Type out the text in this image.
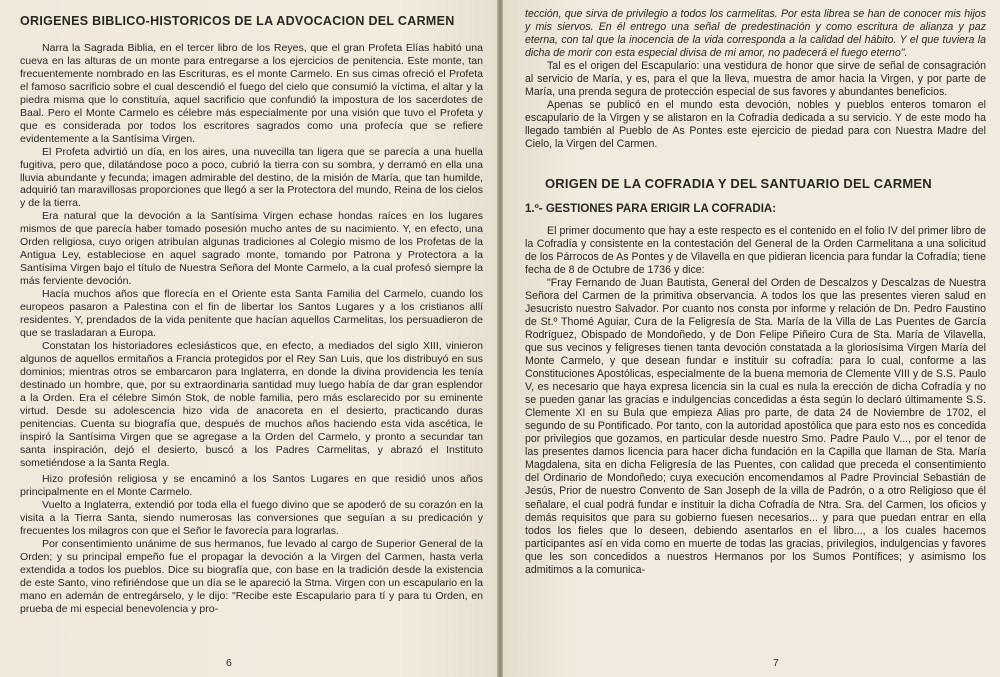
ORIGENES BIBLICO-HISTORICOS DE LA ADVOCACION DEL CARMEN

Narra la Sagrada Biblia, en el tercer libro de los Reyes, que el gran Profeta Elías habitó una cueva en las alturas de un monte para entregarse a los ejercicios de penitencia. Este monte, tan frecuentemente nombrado en las Escrituras, es el monte Carmelo. En sus cimas ofreció el Profeta el famoso sacrificio sobre el cual descendió el fuego del cielo que consumió la víctima, el altar y la piedra misma que lo constituía, aquel sacrificio que confundió la impostura de los sacerdotes de Baal. Pero el Monte Carmelo es célebre más especialmente por una visión que tuvo el Profeta y que es considerada por todos los escritores sagrados como una profecía que se refiere evidentemente a la Santísima Virgen.

El Profeta advirtió un día, en los aires, una nuvecilla tan ligera que se parecía a una huella fugitiva, pero que, dilatándose poco a poco, cubrió la tierra con su sombra, y derramó en ella una lluvia abundante y fecunda; imagen admirable del destino, de la misión de María, que tan humilde, adquirió tan maravillosas proporciones que llegó a ser la Protectora del mundo, Reina de los cielos y de la tierra.

Era natural que la devoción a la Santísima Virgen echase hondas raíces en los lugares mismos de que parecía haber tomado posesión mucho antes de su nacimiento. Y, en efecto, una Orden religiosa, cuyo origen atribuían algunas tradiciones al Colegio mismo de los Profetas de la Antigua Ley, estableciose en aquel sagrado monte, tomando por Patrona y Protectora a la Santísima Virgen bajo el título de Nuestra Señora del Monte Carmelo, a la cual profesó siempre la más ferviente devoción.

Hacía muchos años que florecía en el Oriente esta Santa Familia del Carmelo, cuando los europeos pasaron a Palestina con el fin de libertar los Santos Lugares y a los cristianos allí residentes. Y, prendados de la vida penitente que hacían aquellos Carmelitas, los persuadieron de que se trasladaran a Europa.

Constatan los historiadores eclesiásticos que, en efecto, a mediados del siglo XIII, vinieron algunos de aquellos ermitaños a Francia protegidos por el Rey San Luis, que los distribuyó en sus dominios; mientras otros se embarcaron para Inglaterra, en donde la divina providencia les tenía destinado un hombre, que, por su extraordinaria santidad muy luego había de dar gran esplendor a la Orden. Era el célebre Simón Stok, de noble familia, pero más esclarecido por su eminente virtud. Desde su adolescencia hizo vida de anacoreta en el desierto, practicando duras penitencias. Cuenta su biografía que, después de muchos años haciendo esta vida ascética, le inspiró la Santísima Virgen que se agregase a la Orden del Carmelo, y pronto a secundar tan santa inspiración, dejó el desierto, buscó a los Padres Carmelitas, y abrazó el Instituto sometiéndose a la Santa Regla.

Hizo profesión religiosa y se encaminó a los Santos Lugares en que residió unos años principalmente en el Monte Carmelo.

Vuelto a Inglaterra, extendió por toda ella el fuego divino que se apoderó de su corazón en la visita a la Tierra Santa, siendo numerosas las conversiones que seguían a su predicación y frecuentes los milagros con que el Señor le favorecía para lograrlas.

Por consentimiento unánime de sus hermanos, fue levado al cargo de Superior General de la Orden; y su principal empeño fue el propagar la devoción a la Virgen del Carmen, hasta verla extendida a todos los pueblos. Dice su biografía que, con base en la tradición desde la existencia de este Santo, vino refiriéndose que un día se le apareció la Stma. Virgen con un escapulario en la mano en ademán de entregárselo, y le dijo: "Recibe este Escapulario para tí y para tu Orden, en prueba de mi especial benevolencia y pro-

6

tección, que sirva de privilegio a todos los carmelitas. Por esta librea se han de conocer mis hijos y mis siervos. En él entrego una señal de predestinación y como escritura de alianza y paz eterna, con tal que la inocencia de la vida corresponda a la calidad del hábito. Y el que tuviera la dicha de morir con esta especial divisa de mi amor, no padecerá el fuego eterno".

Tal es el origen del Escapulario: una vestidura de honor que sirve de señal de consagración al servicio de María, y es, para el que la lleva, muestra de amor hacia la Virgen, y por parte de María, una prenda segura de protección especial de sus favores y abundantes beneficios.

Apenas se publicó en el mundo esta devoción, nobles y pueblos enteros tomaron el escapulario de la Virgen y se alistaron en la Cofradía dedicada a su servicio. Y de este modo ha llegado también al Pueblo de As Pontes este ejercicio de piedad para con Nuestra Madre del Cielo, la Virgen del Carmen.

ORIGEN DE LA COFRADIA Y DEL SANTUARIO DEL CARMEN
1.º- GESTIONES PARA ERIGIR LA COFRADIA:

El primer documento que hay a este respecto es el contenido en el folio IV del primer libro de la Cofradía y consistente en la contestación del General de la Orden Carmelitana a una solicitud de los Párrocos de As Pontes y de Vilavella en que pidieran licencia para fundar la Cofradía; tiene fecha de 8 de Octubre de 1736 y dice:

"Fray Fernando de Juan Bautista, General del Orden de Descalzos y Descalzas de Nuestra Señora del Carmen de la primitiva observancia. A todos los que las presentes vieren salud en Jesucristo nuestro Salvador. Por cuanto nos consta por informe y relación de Dn. Pedro Faustino de St.º Thomé Aguiar, Cura de la Feligresía de Sta. María de la Villa de Las Puentes de García Rodríguez, Obispado de Mondoñedo, y de Don Felipe Piñeiro Cura de Sta. María de Vilavella, que sus vecinos y feligreses tienen tanta devoción constatada a la gloriosísima Virgen María del Monte Carmelo, y que desean fundar e instituir su cofradía: para lo cual, conforme a las Constituciones Apostólicas, especialmente de la buena memoria de Clemente VIII y de S.S. Paulo V, es necesario que haya expresa licencia sin la cual es nula la erección de dicha Cofradía y no se pueden ganar las gracias e indulgencias concedidas a ésta según lo declaró últimamente S.S. Clemente XI en su Bula que empieza Alias pro parte, de data 24 de Noviembre de 1702, el segundo de su Pontificado. Por tanto, con la autoridad apostólica que para esto nos es concedida por privilegios que gozamos, en particular desde nuestro Smo. Padre Paulo V..., por el tenor de las presentes damos licencia para hacer dicha fundación en la Capilla que llaman de Sta. María Magdalena, sita en dicha Feligresía de las Puentes, con calidad que preceda el consentimiento del Ordinario de Mondoñedo; cuya execución encomendamos al Padre Provincial Sebastián de Jesús, Prior de nuestro Convento de San Joseph de la villa de Padrón, o a otro Religioso que él señalare, el cual podrá fundar e instituir la dicha Cofradía de Ntra. Sra. del Carmen, los oficios y demás requisitos que para su gobierno fuesen necesarios... y para que puedan entrar en ella todos los fieles que lo deseen, debiendo asentarlos en el libro..., a los cuales hacemos participantes así en vida como en muerte de todas las gracias, privilegios, indulgencias y favores que les son concedidos a nuestros Hermanos por los Sumos Pontífices; y asimismo los admitimos a la comunica-

7
